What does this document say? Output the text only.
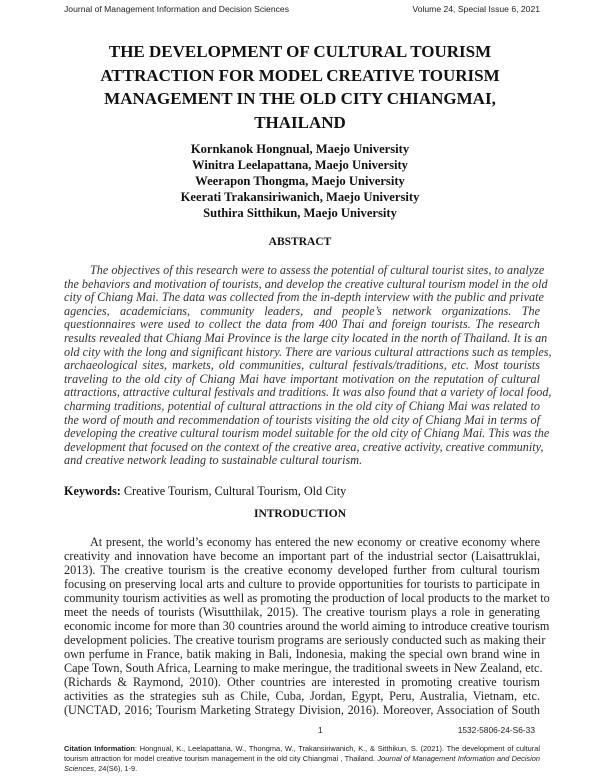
Journal of Management Information and Decision Sciences	Volume 24, Special Issue 6, 2021
THE DEVELOPMENT OF CULTURAL TOURISM
ATTRACTION FOR MODEL CREATIVE TOURISM
MANAGEMENT IN THE OLD CITY CHIANGMAI,
THAILAND
Kornkanok Hongnual, Maejo University
Winitra Leelapattana, Maejo University
Weerapon Thongma, Maejo University
Keerati Trakansiriwanich, Maejo University
Suthira Sitthikun, Maejo University
ABSTRACT
The objectives of this research were to assess the potential of cultural tourist sites, to analyze
the behaviors and motivation of tourists, and develop the creative cultural tourism model in the old
city of Chiang Mai. The data was collected from the in-depth interview with the public and private
agencies, academicians, community leaders, and people’s network organizations. The
questionnaires were used to collect the data from 400 Thai and foreign tourists. The research
results revealed that Chiang Mai Province is the large city located in the north of Thailand. It is an
old city with the long and significant history. There are various cultural attractions such as temples,
archaeological sites, markets, old communities, cultural festivals/traditions, etc. Most tourists
traveling to the old city of Chiang Mai have important motivation on the reputation of cultural
attractions, attractive cultural festivals and traditions. It was also found that a variety of local food,
charming traditions, potential of cultural attractions in the old city of Chiang Mai was related to
the word of mouth and recommendation of tourists visiting the old city of Chiang Mai in terms of
developing the creative cultural tourism model suitable for the old city of Chiang Mai. This was the
development that focused on the context of the creative area, creative activity, creative community,
and creative network leading to sustainable cultural tourism.
Keywords: Creative Tourism, Cultural Tourism, Old City
INTRODUCTION
At present, the world’s economy has entered the new economy or creative economy where
creativity and innovation have become an important part of the industrial sector (Laisattruklai,
2013). The creative tourism is the creative economy developed further from cultural tourism
focusing on preserving local arts and culture to provide opportunities for tourists to participate in
community tourism activities as well as promoting the production of local products to the market to
meet the needs of tourists (Wisutthilak, 2015). The creative tourism plays a role in generating
economic income for more than 30 countries around the world aiming to introduce creative tourism
development policies. The creative tourism programs are seriously conducted such as making their
own perfume in France, batik making in Bali, Indonesia, making the special own brand wine in
Cape Town, South Africa, Learning to make meringue, the traditional sweets in New Zealand, etc.
(Richards & Raymond, 2010). Other countries are interested in promoting creative tourism
activities as the strategies suh as Chile, Cuba, Jordan, Egypt, Peru, Australia, Vietnam, etc.
(UNCTAD, 2016; Tourism Marketing Strategy Division, 2016). Moreover, Association of South
1	1532-5806-24-S6-33
Citation Information: Hongnual, K., Leelapattana, W., Thongma, W., Trakansiriwanich, K., & Sitthikun, S. (2021). The development of cultural tourism attraction for model creative tourism management in the old city Chiangmai , Thailand. Journal of Management Information and Decision Sciences, 24(S6), 1-9.
